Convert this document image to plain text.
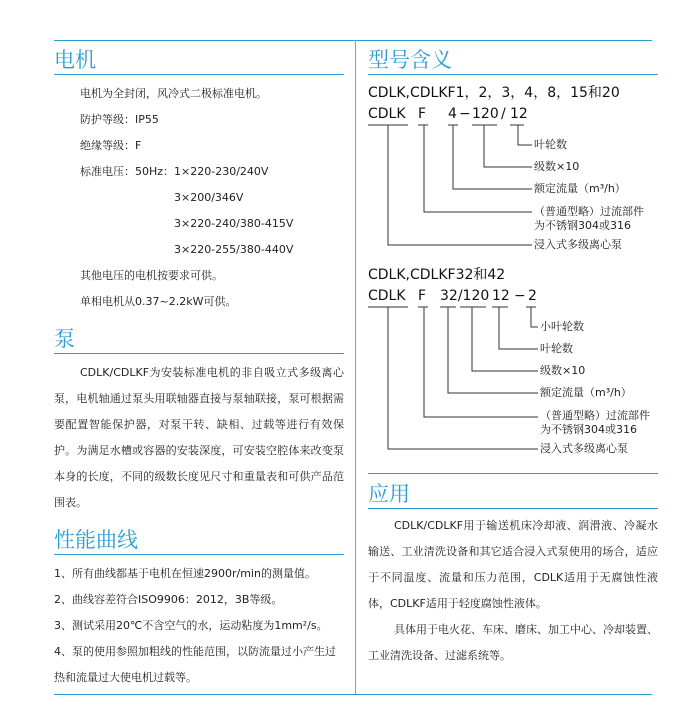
电机

电机为全封闭，风冷式二极标准电机。

防护等级：IP55

绝缘等级：F

标准电压：50Hz：1×220-230/240V

3×200/346V

3×220-240/380-415V

3×220-255/380-440V

其他电压的电机按要求可供。

单相电机从0.37~2.2kW可供。

泵

CDLK/CDLKF为安装标准电机的非自吸立式多级离心泵，电机轴通过泵头用联轴器直接与泵轴联接，泵可根据需要配置智能保护器，对泵干转、缺相、过载等进行有效保护。为满足水槽或容器的安装深度，可安装空腔体来改变泵本身的长度，不同的级数长度见尺寸和重量表和可供产品范围表。

性能曲线

1、所有曲线都基于电机在恒速2900r/min的测量值。

2、曲线容差符合ISO9906：2012，3B等级。

3、测试采用20℃不含空气的水，运动粘度为1mm²/s。

4、泵的使用参照加粗线的性能范围，以防流量过小产生过热和流量过大使电机过载等。

型号含义

CDLK,CDLKF1，2，3，4，8，15和20

CDLK F 4 − 120 / 12
叶轮数
级数×10
额定流量（m³/h）
（普通型略）过流部件
为不锈钢304或316
浸入式多级离心泵

CDLK,CDLKF32和42

CDLK F 32/120 12 − 2
小叶轮数
叶轮数
级数×10
额定流量（m³/h）
（普通型略）过流部件
为不锈钢304或316
浸入式多级离心泵
应用

CDLK/CDLKF用于输送机床冷却液、润滑液、冷凝水输送、工业清洗设备和其它适合浸入式泵使用的场合，适应于不同温度、流量和压力范围，CDLK适用于无腐蚀性液体，CDLKF适用于轻度腐蚀性液体。

具体用于电火花、车床、磨床、加工中心、冷却装置、工业清洗设备、过滤系统等。
